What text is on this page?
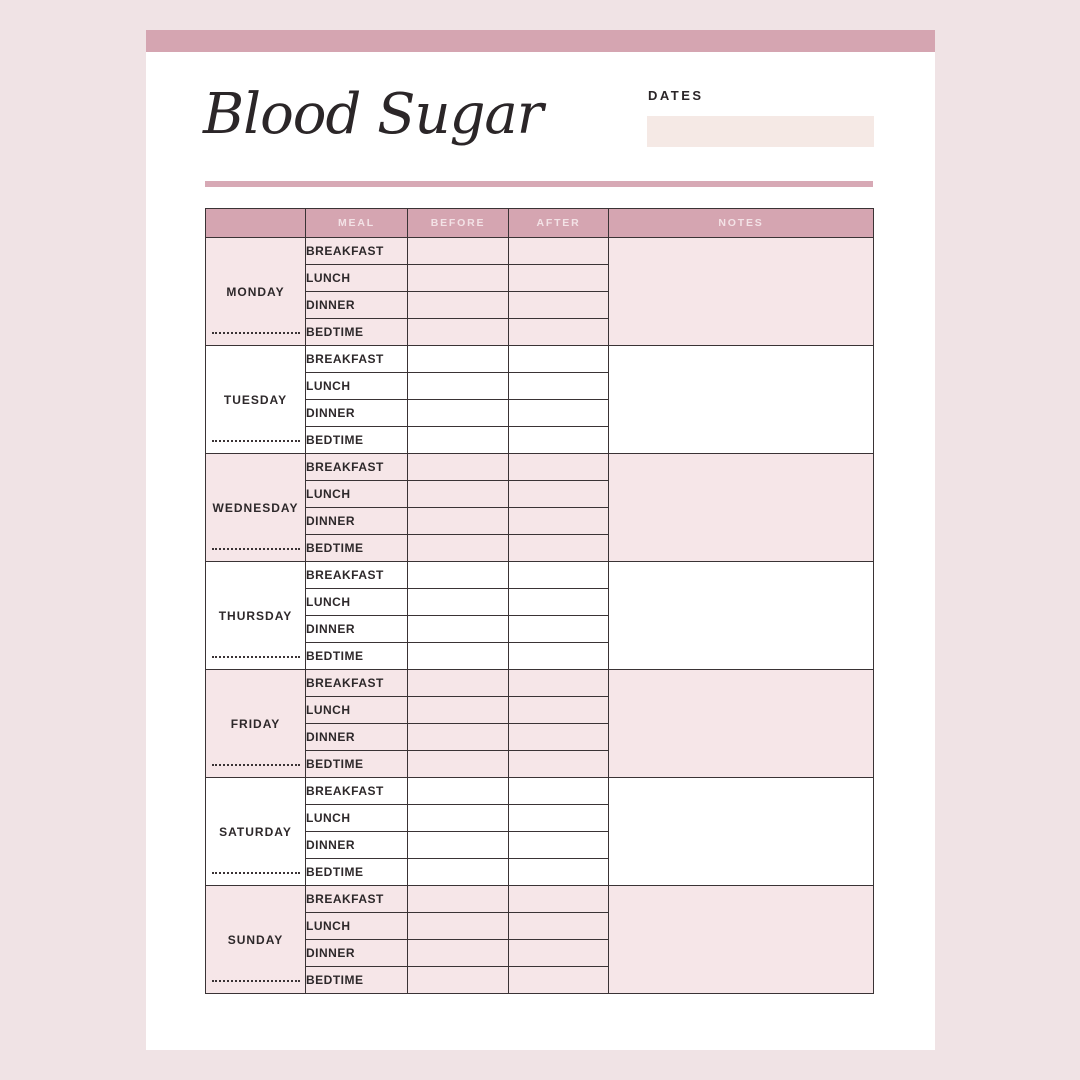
Blood Sugar	DATES
	MEAL	BEFORE	AFTER	NOTES

MONDAY	BREAKFAST			
	LUNCH			
	DINNER			
	BEDTIME			

TUESDAY	BREAKFAST			
	LUNCH			
	DINNER			
	BEDTIME			

WEDNESDAY	BREAKFAST			
	LUNCH			
	DINNER			
	BEDTIME			

THURSDAY	BREAKFAST			
	LUNCH			
	DINNER			
	BEDTIME			

FRIDAY	BREAKFAST			
	LUNCH			
	DINNER			
	BEDTIME			

SATURDAY	BREAKFAST			
	LUNCH			
	DINNER			
	BEDTIME			

SUNDAY	BREAKFAST			
	LUNCH			
	DINNER			
	BEDTIME			
